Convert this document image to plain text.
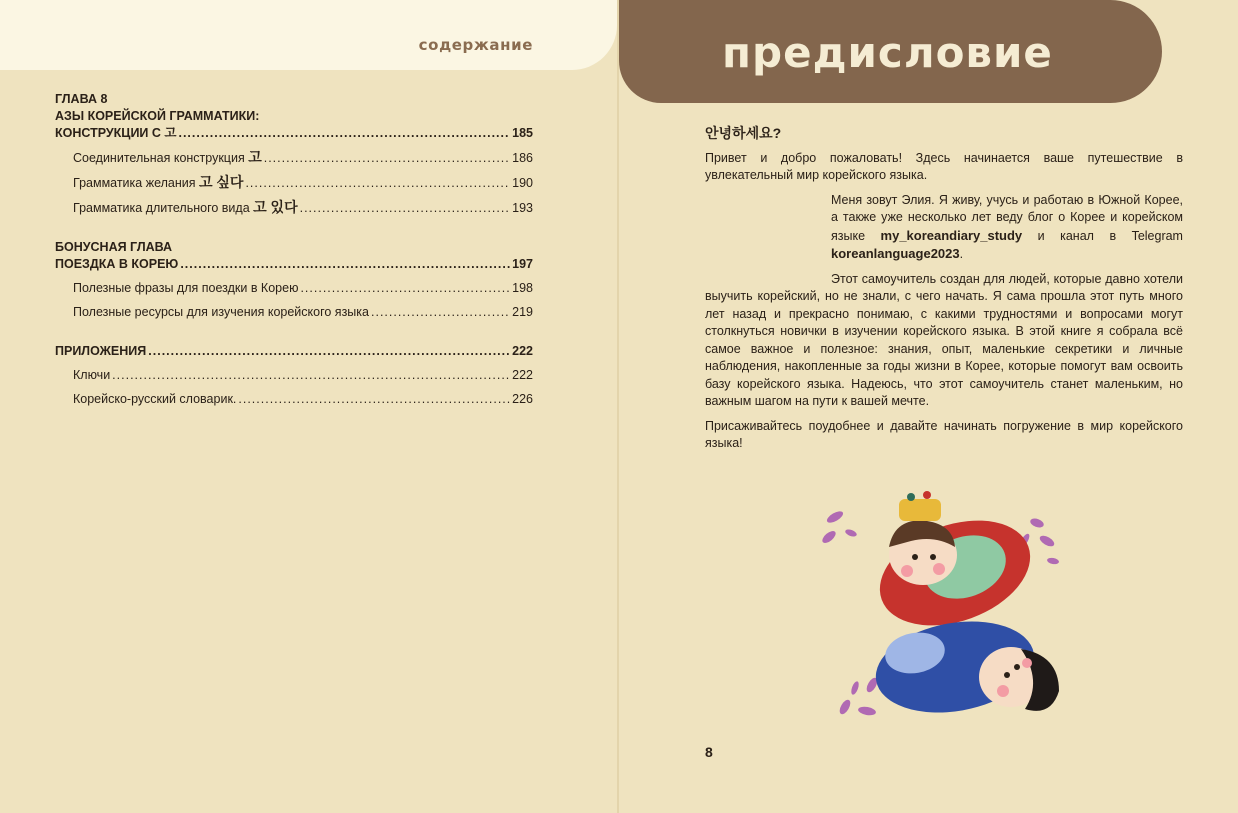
содержание
ГЛАВА 8
АЗЫ КОРЕЙСКОЙ ГРАММАТИКИ:
КОНСТРУКЦИИ С 고 .....	185
Соединительная конструкция 고 .....	186
Грамматика желания 고 싶다 .....	190
Грамматика длительного вида 고 있다 .....	193
БОНУСНАЯ ГЛАВА
ПОЕЗДКА В КОРЕЮ .....	197
Полезные фразы для поездки в Корею .....	198
Полезные ресурсы для изучения корейского языка .....	219
ПРИЛОЖЕНИЯ .....	222
Ключи .....	222
Корейско-русский словарик. .....	226
предисловие
안녕하세요?

Привет и добро пожаловать! Здесь начинается ваше путешествие в увлекательный мир корейского языка.

Меня зовут Элия. Я живу, учусь и работаю в Южной Корее, а также уже несколько лет веду блог о Корее и корейском языке my_koreandiary_study и канал в Telegram koreanlanguage2023.

Этот самоучитель создан для людей, которые давно хотели выучить корейский, но не знали, с чего начать. Я сама прошла этот путь много лет назад и прекрасно понимаю, с какими трудностями и вопросами могут столкнуться новички в изучении корейского языка. В этой книге я собрала всё самое важное и полезное: знания, опыт, маленькие секретики и личные наблюдения, накопленные за годы жизни в Корее, которые помогут вам освоить базу корейского языка. Надеюсь, что этот самоучитель станет маленьким, но важным шагом на пути к вашей мечте.

Присаживайтесь поудобнее и давайте начинать погружение в мир корейского языка!

8
